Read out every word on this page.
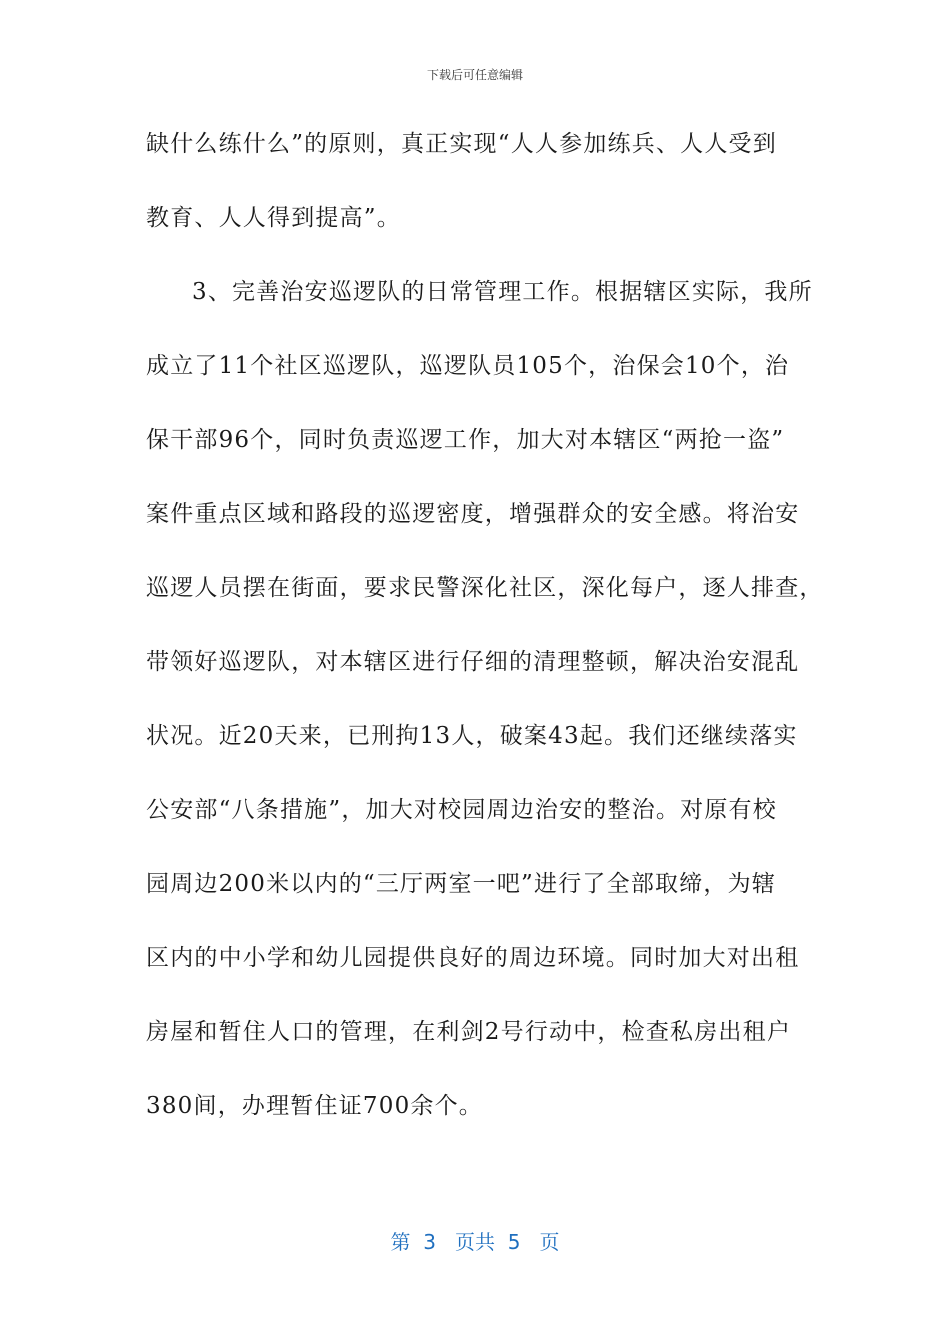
下载后可任意编辑
缺什么练什么”的原则，真正实现“人人参加练兵、人人受到
教育、人人得到提高”。
3、完善治安巡逻队的日常管理工作。根据辖区实际，我所
成立了11个社区巡逻队，巡逻队员105个，治保会10个，治
保干部96个，同时负责巡逻工作，加大对本辖区“两抢一盗”
案件重点区域和路段的巡逻密度，增强群众的安全感。将治安
巡逻人员摆在街面，要求民警深化社区，深化每户，逐人排查，
带领好巡逻队，对本辖区进行仔细的清理整顿，解决治安混乱
状况。近20天来，已刑拘13人，破案43起。我们还继续落实
公安部“八条措施”，加大对校园周边治安的整治。对原有校
园周边200米以内的“三厅两室一吧”进行了全部取缔，为辖
区内的中小学和幼儿园提供良好的周边环境。同时加大对出租
房屋和暂住人口的管理，在利剑2号行动中，检查私房出租户
380间，办理暂住证700余个。
第  3   页共  5   页
